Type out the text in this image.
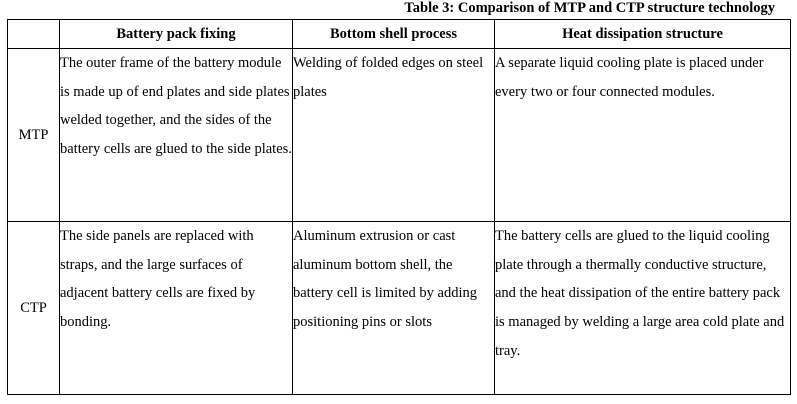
Table 3: Comparison of MTP and CTP structure technology
	Battery pack fixing	Bottom shell process	Heat dissipation structure
MTP	The outer frame of the battery module is made up of end plates and side plates welded together, and the sides of the battery cells are glued to the side plates.	Welding of folded edges on steel plates	A separate liquid cooling plate is placed under every two or four connected modules.
CTP	The side panels are replaced with straps, and the large surfaces of adjacent battery cells are fixed by bonding.	Aluminum extrusion or cast aluminum bottom shell, the battery cell is limited by adding positioning pins or slots	The battery cells are glued to the liquid cooling plate through a thermally conductive structure, and the heat dissipation of the entire battery pack is managed by welding a large area cold plate and tray.
